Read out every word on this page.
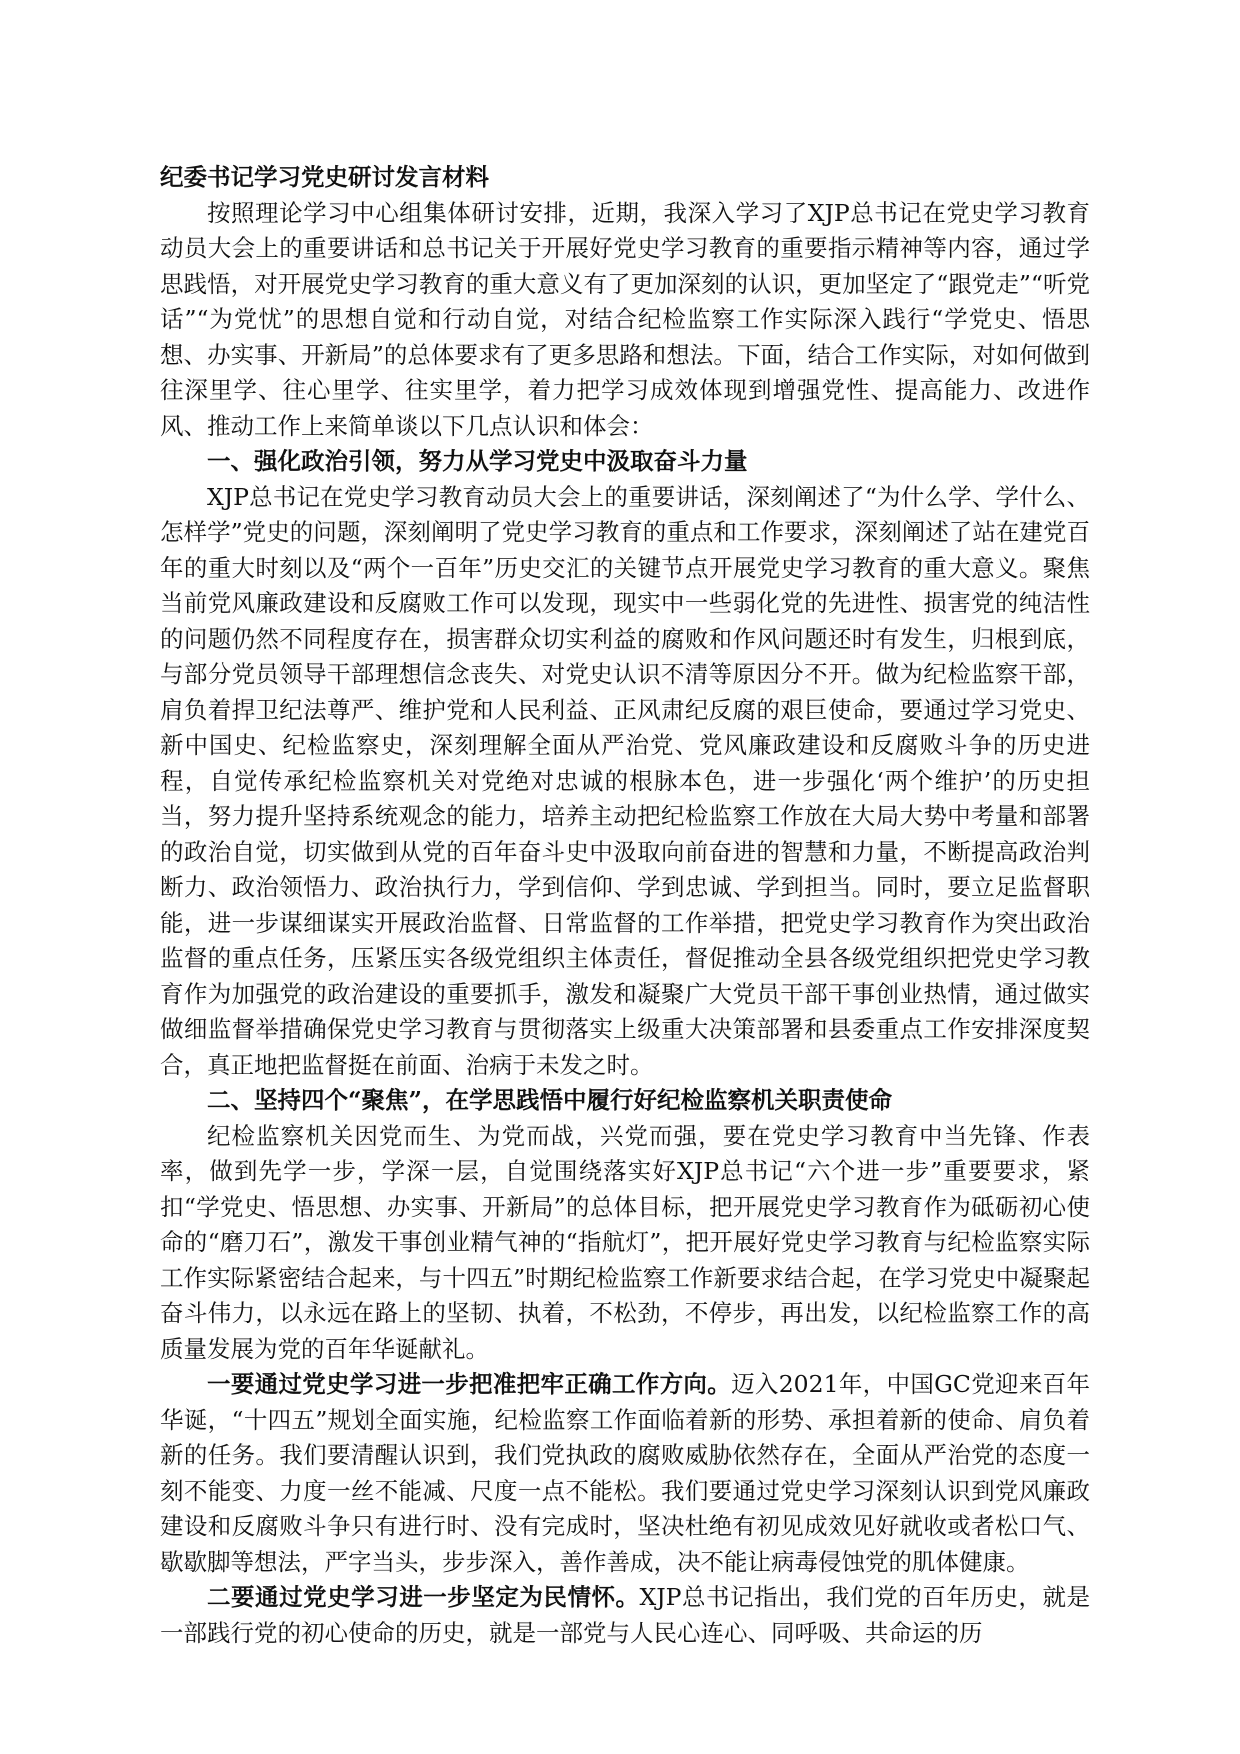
纪委书记学习党史研讨发言材料

按照理论学习中心组集体研讨安排，近期，我深入学习了XJP总书记在党史学习教育动员大会上的重要讲话和总书记关于开展好党史学习教育的重要指示精神等内容，通过学思践悟，对开展党史学习教育的重大意义有了更加深刻的认识，更加坚定了“跟党走”“听党话”“为党忧”的思想自觉和行动自觉，对结合纪检监察工作实际深入践行“学党史、悟思想、办实事、开新局”的总体要求有了更多思路和想法。下面，结合工作实际，对如何做到往深里学、往心里学、往实里学，着力把学习成效体现到增强党性、提高能力、改进作风、推动工作上来简单谈以下几点认识和体会：

一、强化政治引领，努力从学习党史中汲取奋斗力量

XJP总书记在党史学习教育动员大会上的重要讲话，深刻阐述了“为什么学、学什么、怎样学”党史的问题，深刻阐明了党史学习教育的重点和工作要求，深刻阐述了站在建党百年的重大时刻以及“两个一百年”历史交汇的关键节点开展党史学习教育的重大意义。聚焦当前党风廉政建设和反腐败工作可以发现，现实中一些弱化党的先进性、损害党的纯洁性的问题仍然不同程度存在，损害群众切实利益的腐败和作风问题还时有发生，归根到底，与部分党员领导干部理想信念丧失、对党史认识不清等原因分不开。做为纪检监察干部，肩负着捍卫纪法尊严、维护党和人民利益、正风肃纪反腐的艰巨使命，要通过学习党史、新中国史、纪检监察史，深刻理解全面从严治党、党风廉政建设和反腐败斗争的历史进程，自觉传承纪检监察机关对党绝对忠诚的根脉本色，进一步强化‘两个维护’的历史担当，努力提升坚持系统观念的能力，培养主动把纪检监察工作放在大局大势中考量和部署的政治自觉，切实做到从党的百年奋斗史中汲取向前奋进的智慧和力量，不断提高政治判断力、政治领悟力、政治执行力，学到信仰、学到忠诚、学到担当。同时，要立足监督职能，进一步谋细谋实开展政治监督、日常监督的工作举措，把党史学习教育作为突出政治监督的重点任务，压紧压实各级党组织主体责任，督促推动全县各级党组织把党史学习教育作为加强党的政治建设的重要抓手，激发和凝聚广大党员干部干事创业热情，通过做实做细监督举措确保党史学习教育与贯彻落实上级重大决策部署和县委重点工作安排深度契合，真正地把监督挺在前面、治病于未发之时。

二、坚持四个“聚焦”，在学思践悟中履行好纪检监察机关职责使命

纪检监察机关因党而生、为党而战，兴党而强，要在党史学习教育中当先锋、作表率，做到先学一步，学深一层，自觉围绕落实好XJP总书记“六个进一步”重要要求，紧扣“学党史、悟思想、办实事、开新局”的总体目标，把开展党史学习教育作为砥砺初心使命的“磨刀石”，激发干事创业精气神的“指航灯”，把开展好党史学习教育与纪检监察实际工作实际紧密结合起来，与十四五”时期纪检监察工作新要求结合起，在学习党史中凝聚起奋斗伟力，以永远在路上的坚韧、执着，不松劲，不停步，再出发，以纪检监察工作的高质量发展为党的百年华诞献礼。

一要通过党史学习进一步把准把牢正确工作方向。迈入2021年，中国GC党迎来百年华诞，“十四五”规划全面实施，纪检监察工作面临着新的形势、承担着新的使命、肩负着新的任务。我们要清醒认识到，我们党执政的腐败威胁依然存在，全面从严治党的态度一刻不能变、力度一丝不能减、尺度一点不能松。我们要通过党史学习深刻认识到党风廉政建设和反腐败斗争只有进行时、没有完成时，坚决杜绝有初见成效见好就收或者松口气、歇歇脚等想法，严字当头，步步深入，善作善成，决不能让病毒侵蚀党的肌体健康。

二要通过党史学习进一步坚定为民情怀。XJP总书记指出，我们党的百年历史，就是一部践行党的初心使命的历史，就是一部党与人民心连心、同呼吸、共命运的历
